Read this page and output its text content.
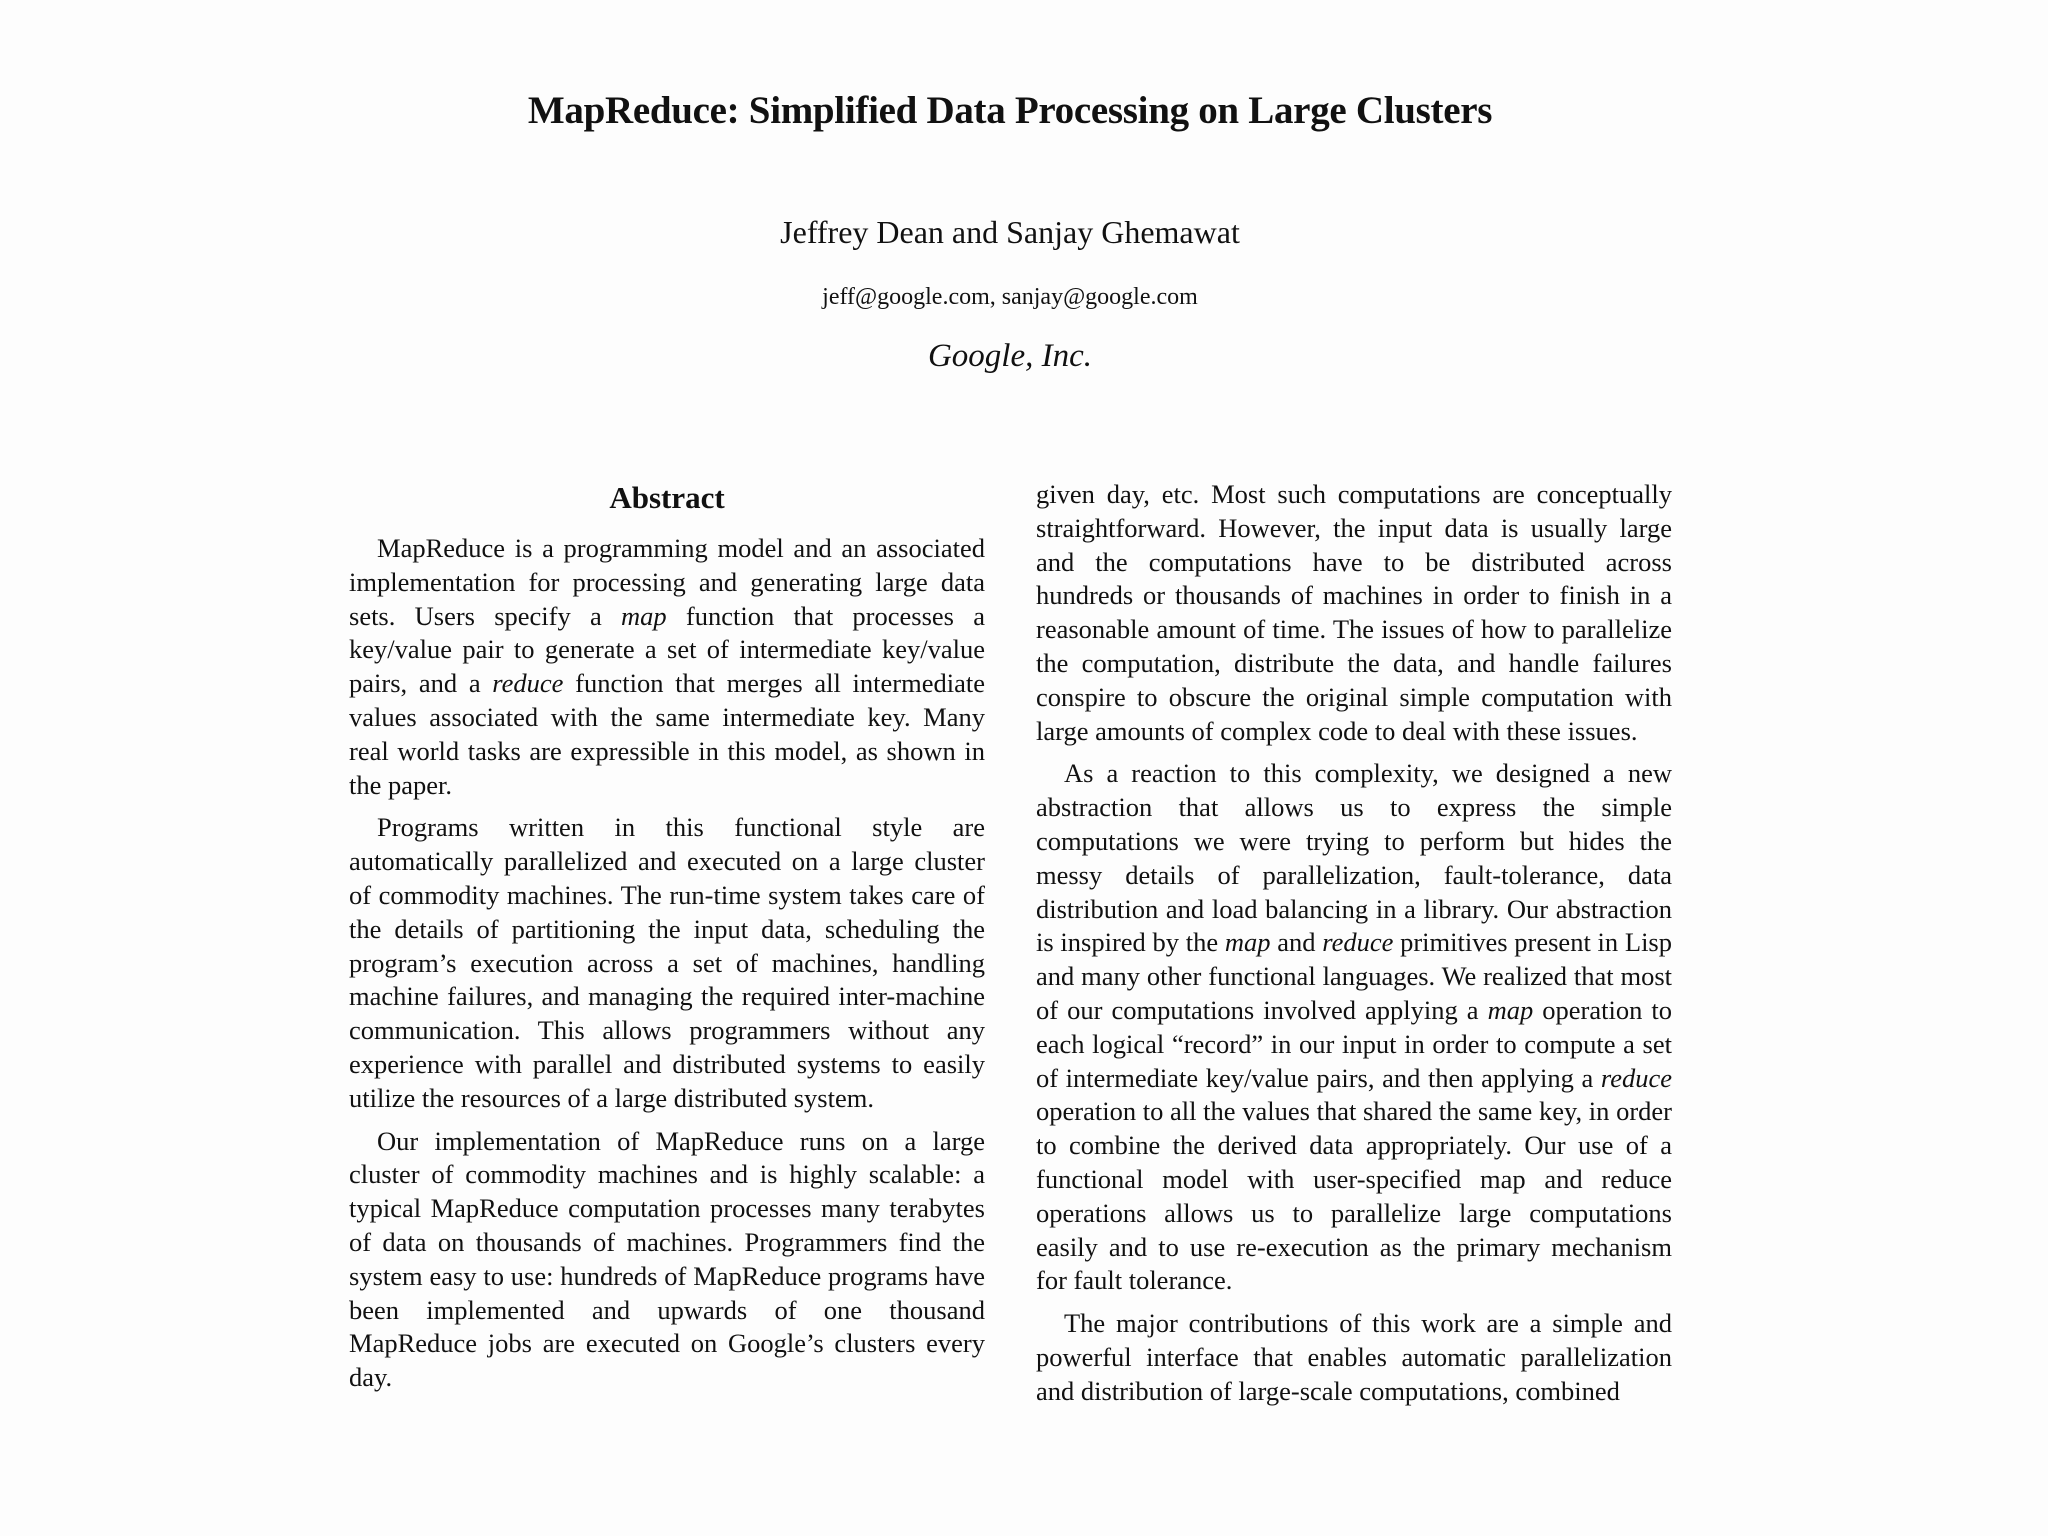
MapReduce: Simplified Data Processing on Large Clusters
Jeffrey Dean and Sanjay Ghemawat
jeff@google.com, sanjay@google.com
Google, Inc.
Abstract

MapReduce is a programming model and an associated implementation for processing and generating large data sets. Users specify a map function that processes a key/value pair to generate a set of intermediate key/value pairs, and a reduce function that merges all intermediate values associated with the same intermediate key. Many real world tasks are expressible in this model, as shown in the paper.

Programs written in this functional style are automatically parallelized and executed on a large cluster of commodity machines. The run-time system takes care of the details of partitioning the input data, scheduling the program’s execution across a set of machines, handling machine failures, and managing the required inter-machine communication. This allows programmers without any experience with parallel and distributed systems to easily utilize the resources of a large distributed system.

Our implementation of MapReduce runs on a large cluster of commodity machines and is highly scalable: a typical MapReduce computation processes many terabytes of data on thousands of machines. Programmers find the system easy to use: hundreds of MapReduce programs have been implemented and upwards of one thousand MapReduce jobs are executed on Google’s clusters every day.

given day, etc. Most such computations are conceptually straightforward. However, the input data is usually large and the computations have to be distributed across hundreds or thousands of machines in order to finish in a reasonable amount of time. The issues of how to parallelize the computation, distribute the data, and handle failures conspire to obscure the original simple computation with large amounts of complex code to deal with these issues.

As a reaction to this complexity, we designed a new abstraction that allows us to express the simple computations we were trying to perform but hides the messy details of parallelization, fault-tolerance, data distribution and load balancing in a library. Our abstraction is inspired by the map and reduce primitives present in Lisp and many other functional languages. We realized that most of our computations involved applying a map operation to each logical “record” in our input in order to compute a set of intermediate key/value pairs, and then applying a reduce operation to all the values that shared the same key, in order to combine the derived data appropriately. Our use of a functional model with user-specified map and reduce operations allows us to parallelize large computations easily and to use re-execution as the primary mechanism for fault tolerance.

The major contributions of this work are a simple and powerful interface that enables automatic parallelization and distribution of large-scale computations, combined
